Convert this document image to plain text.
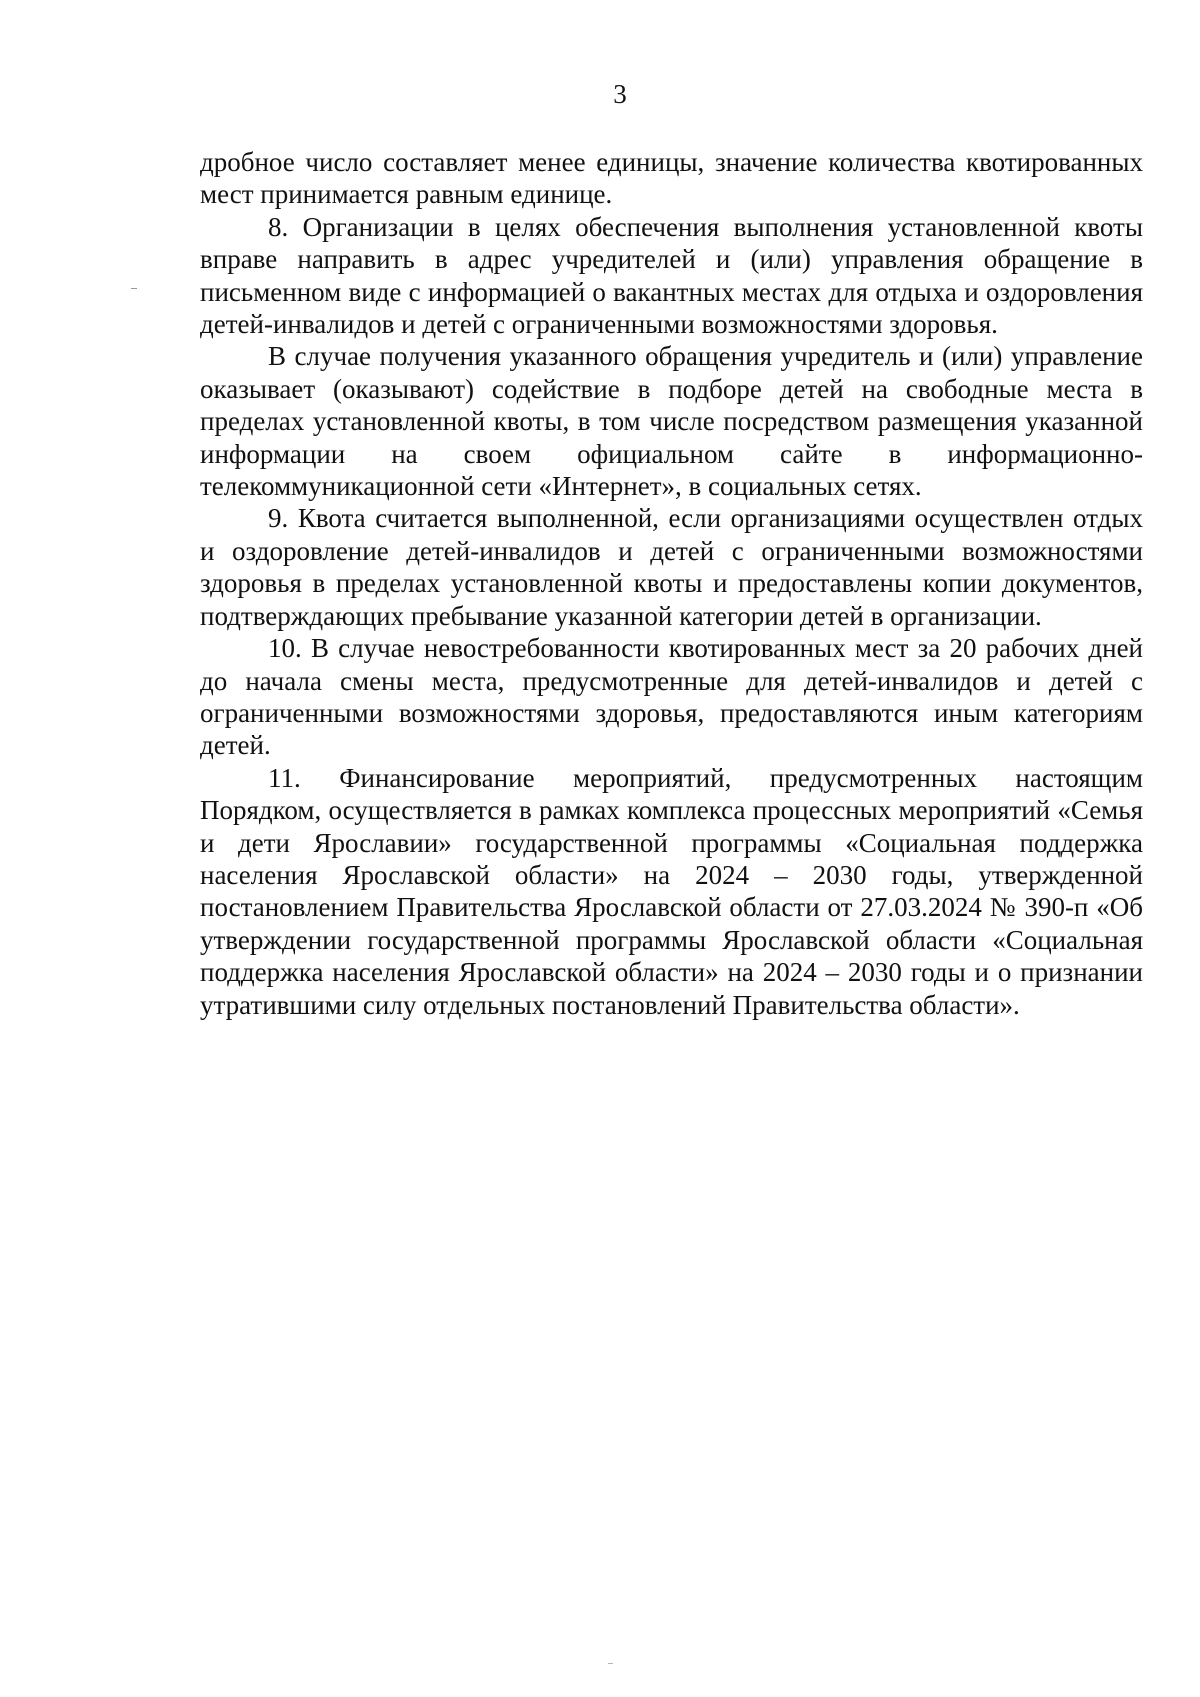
3

дробное число составляет менее единицы, значение количества квотированных мест принимается равным единице.

8. Организации в целях обеспечения выполнения установленной квоты вправе направить в адрес учредителей и (или) управления обращение в письменном виде с информацией о вакантных местах для отдыха и оздоровления детей-инвалидов и детей с ограниченными возможностями здоровья.

В случае получения указанного обращения учредитель и (или) управление оказывает (оказывают) содействие в подборе детей на свободные места в пределах установленной квоты, в том числе посредством размещения указанной информации на своем официальном сайте в информационно-телекоммуникационной сети «Интернет», в социальных сетях.

9. Квота считается выполненной, если организациями осуществлен отдых и оздоровление детей-инвалидов и детей с ограниченными возможностями здоровья в пределах установленной квоты и предоставлены копии документов, подтверждающих пребывание указанной категории детей в организации.

10. В случае невостребованности квотированных мест за 20 рабочих дней до начала смены места, предусмотренные для детей-инвалидов и детей с ограниченными возможностями здоровья, предоставляются иным категориям детей.

11. Финансирование мероприятий, предусмотренных настоящим Порядком, осуществляется в рамках комплекса процессных мероприятий «Семья и дети Ярославии» государственной программы «Социальная поддержка населения Ярославской области» на 2024 – 2030 годы, утвержденной постановлением Правительства Ярославской области от 27.03.2024 № 390-п «Об утверждении государственной программы Ярославской области «Социальная поддержка населения Ярославской области» на 2024 – 2030 годы и о признании утратившими силу отдельных постановлений Правительства области».
